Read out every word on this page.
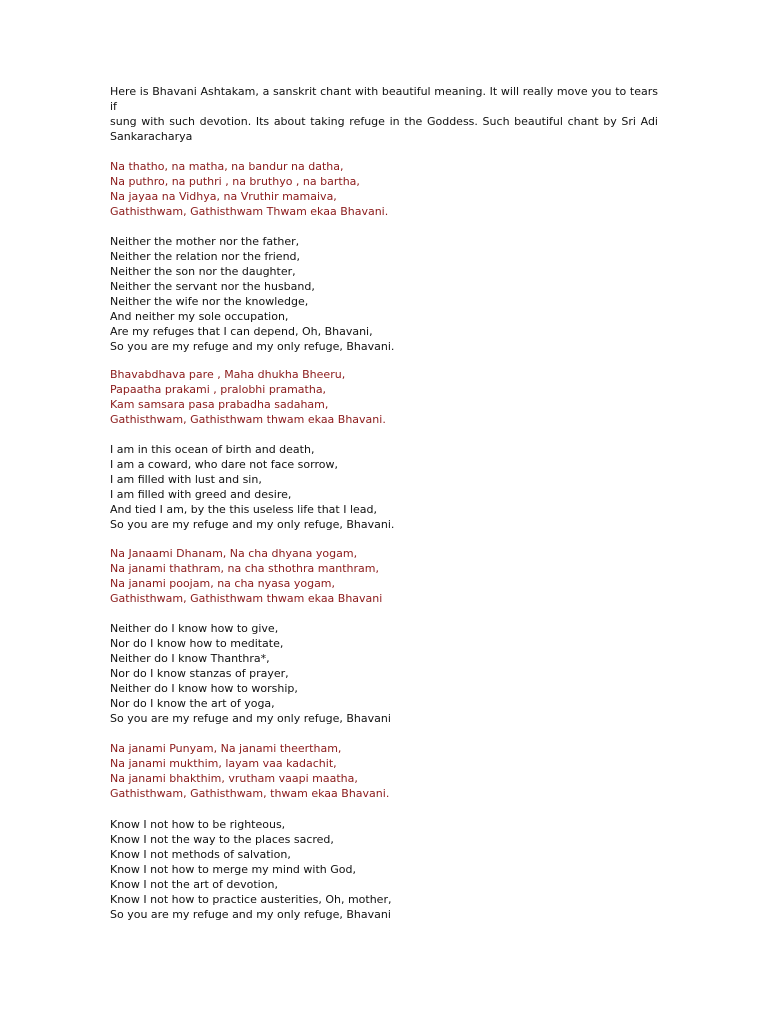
Here is Bhavani Ashtakam, a sanskrit chant with beautiful meaning. It will really move you to tears if
sung with such devotion. Its about taking refuge in the Goddess. Such beautiful chant by Sri Adi
Sankaracharya
Na thatho, na matha, na bandur na datha,
Na puthro, na puthri , na bruthyo , na bartha,
Na jayaa na Vidhya, na Vruthir mamaiva,
Gathisthwam, Gathisthwam Thwam ekaa Bhavani.
Neither the mother nor the father,
Neither the relation nor the friend,
Neither the son nor the daughter,
Neither the servant nor the husband,
Neither the wife nor the knowledge,
And neither my sole occupation,
Are my refuges that I can depend, Oh, Bhavani,
So you are my refuge and my only refuge, Bhavani.
Bhavabdhava pare , Maha dhukha Bheeru,
Papaatha prakami , pralobhi pramatha,
Kam samsara pasa prabadha sadaham,
Gathisthwam, Gathisthwam thwam ekaa Bhavani.
I am in this ocean of birth and death,
I am a coward, who dare not face sorrow,
I am filled with lust and sin,
I am filled with greed and desire,
And tied I am, by the this useless life that I lead,
So you are my refuge and my only refuge, Bhavani.
Na Janaami Dhanam, Na cha dhyana yogam,
Na janami thathram, na cha sthothra manthram,
Na janami poojam, na cha nyasa yogam,
Gathisthwam, Gathisthwam thwam ekaa Bhavani
Neither do I know how to give,
Nor do I know how to meditate,
Neither do I know Thanthra*,
Nor do I know stanzas of prayer,
Neither do I know how to worship,
Nor do I know the art of yoga,
So you are my refuge and my only refuge, Bhavani
Na janami Punyam, Na janami theertham,
Na janami mukthim, layam vaa kadachit,
Na janami bhakthim, vrutham vaapi maatha,
Gathisthwam, Gathisthwam, thwam ekaa Bhavani.
Know I not how to be righteous,
Know I not the way to the places sacred,
Know I not methods of salvation,
Know I not how to merge my mind with God,
Know I not the art of devotion,
Know I not how to practice austerities, Oh, mother,
So you are my refuge and my only refuge, Bhavani
